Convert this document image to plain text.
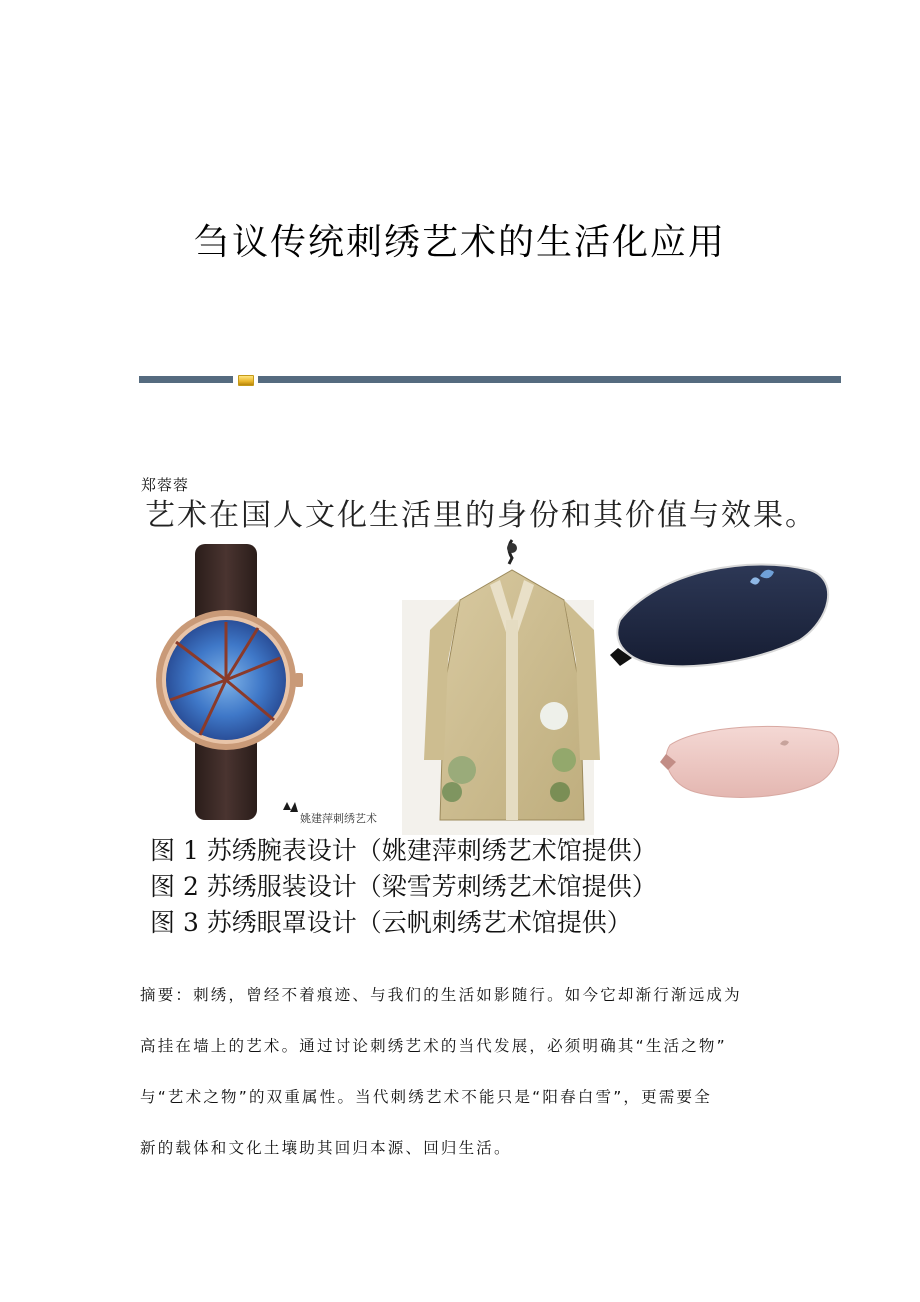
刍议传统刺绣艺术的生活化应用
郑蓉蓉
艺术在国人文化生活里的身份和其价值与效果。
姚建萍刺绣艺术
图 1 苏绣腕表设计（姚建萍刺绣艺术馆提供）
图 2 苏绣服装设计（梁雪芳刺绣艺术馆提供）
图 3 苏绣眼罩设计（云帆刺绣艺术馆提供）

摘要：刺绣，曾经不着痕迹、与我们的生活如影随行。如今它却渐行渐远成为

高挂在墙上的艺术。通过讨论刺绣艺术的当代发展，必须明确其“生活之物”

与“艺术之物”的双重属性。当代刺绣艺术不能只是“阳春白雪”，更需要全

新的载体和文化土壤助其回归本源、回归生活。
